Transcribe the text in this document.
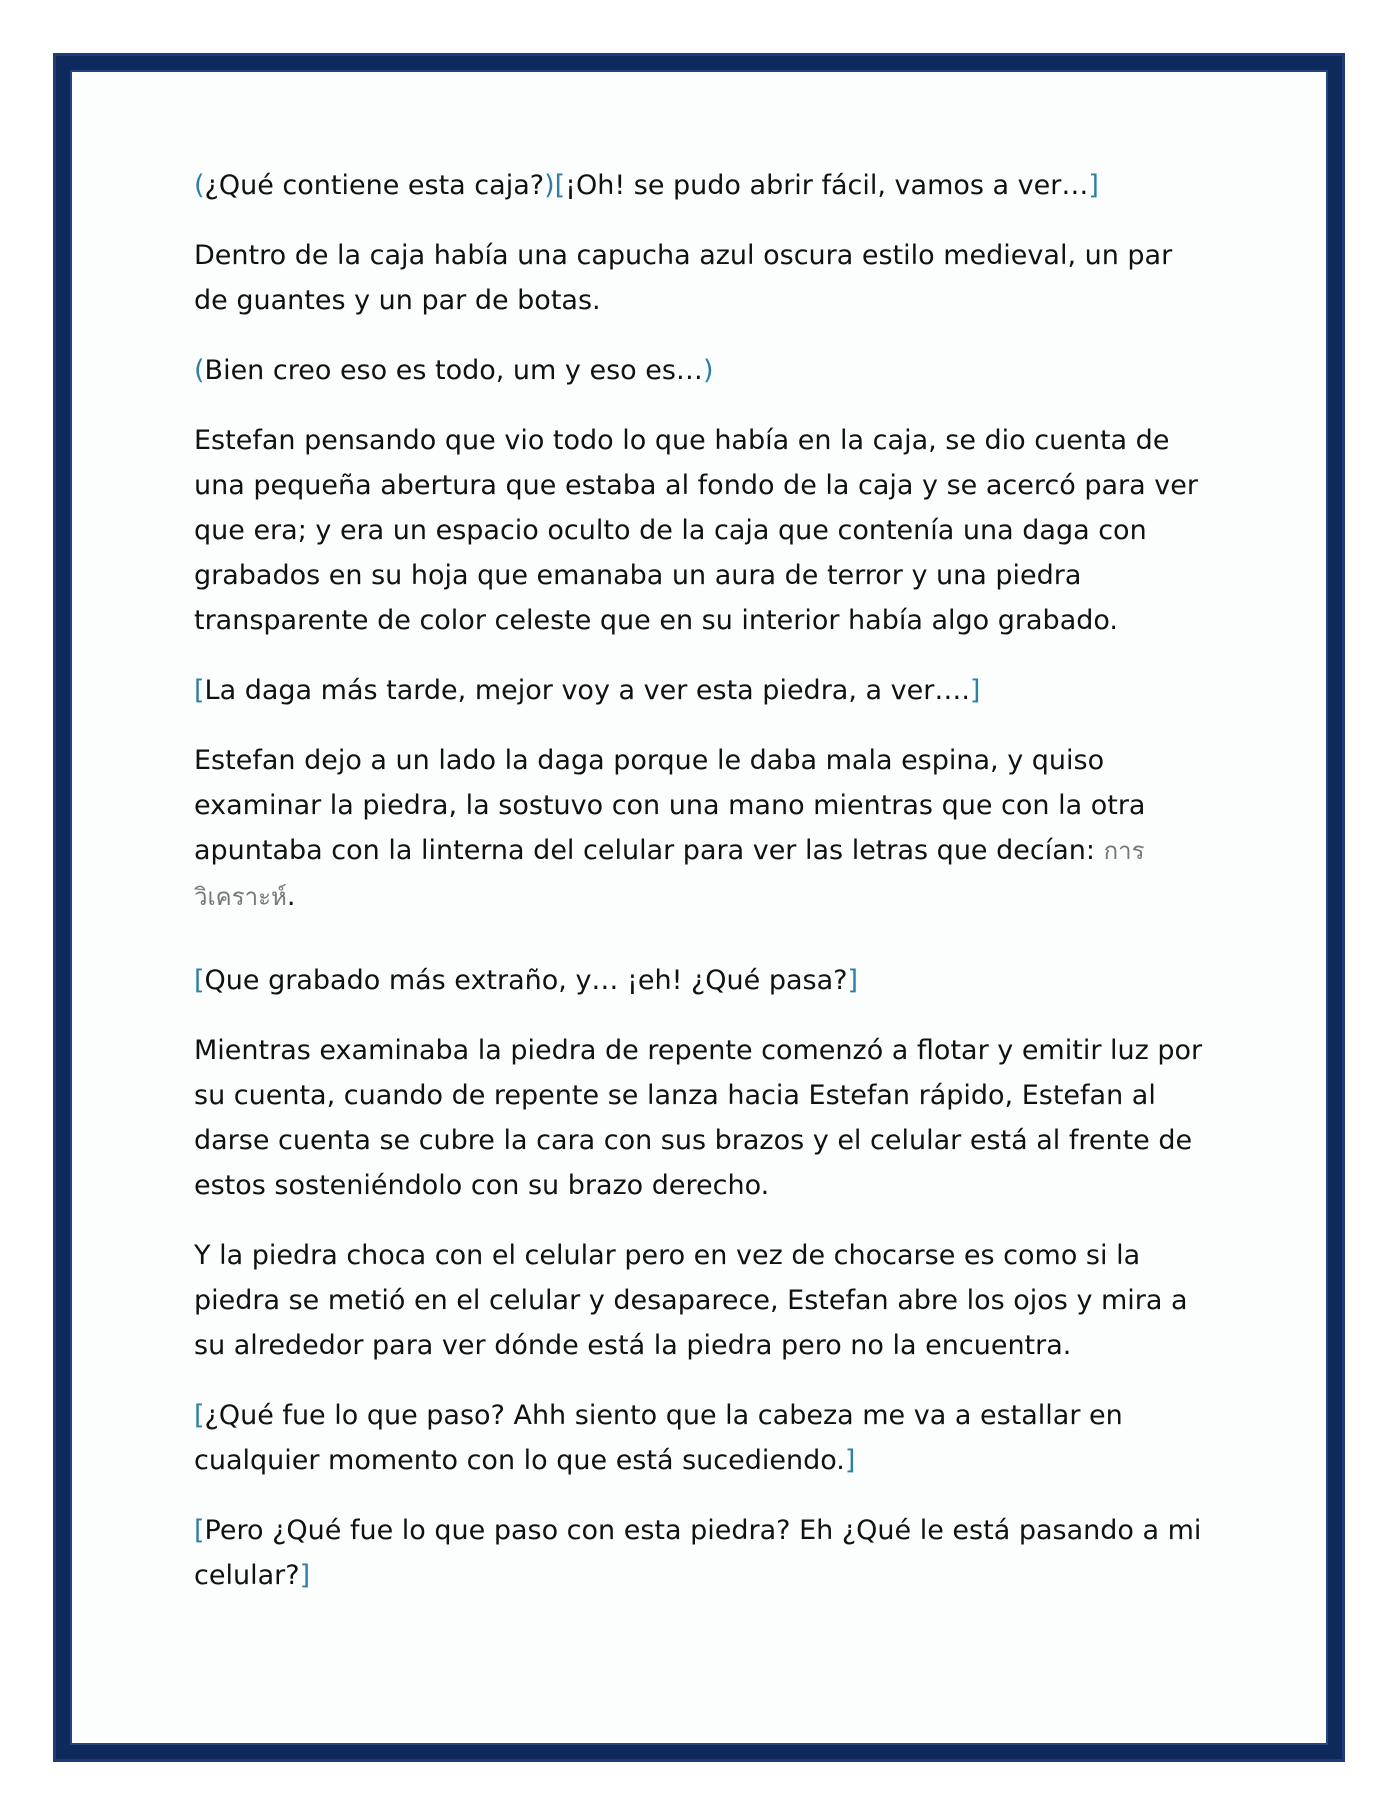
(¿Qué contiene esta caja?)[¡Oh! se pudo abrir fácil, vamos a ver…]

Dentro de la caja había una capucha azul oscura estilo medieval, un par de guantes y un par de botas.

(Bien creo eso es todo, um y eso es…)

Estefan pensando que vio todo lo que había en la caja, se dio cuenta de una pequeña abertura que estaba al fondo de la caja y se acercó para ver que era; y era un espacio oculto de la caja que contenía una daga con grabados en su hoja que emanaba un aura de terror y una piedra transparente de color celeste que en su interior había algo grabado.

[La daga más tarde, mejor voy a ver esta piedra, a ver….]

Estefan dejo a un lado la daga porque le daba mala espina, y quiso examinar la piedra, la sostuvo con una mano mientras que con la otra apuntaba con la linterna del celular para ver las letras que decían: การวิเคราะห์.

[Que grabado más extraño, y… ¡eh! ¿Qué pasa?]

Mientras examinaba la piedra de repente comenzó a flotar y emitir luz por su cuenta, cuando de repente se lanza hacia Estefan rápido, Estefan al darse cuenta se cubre la cara con sus brazos y el celular está al frente de estos sosteniéndolo con su brazo derecho.

Y la piedra choca con el celular pero en vez de chocarse es como si la piedra se metió en el celular y desaparece, Estefan abre los ojos y mira a su alrededor para ver dónde está la piedra pero no la encuentra.

[¿Qué fue lo que paso? Ahh siento que la cabeza me va a estallar en cualquier momento con lo que está sucediendo.]

[Pero ¿Qué fue lo que paso con esta piedra? Eh ¿Qué le está pasando a mi celular?]
